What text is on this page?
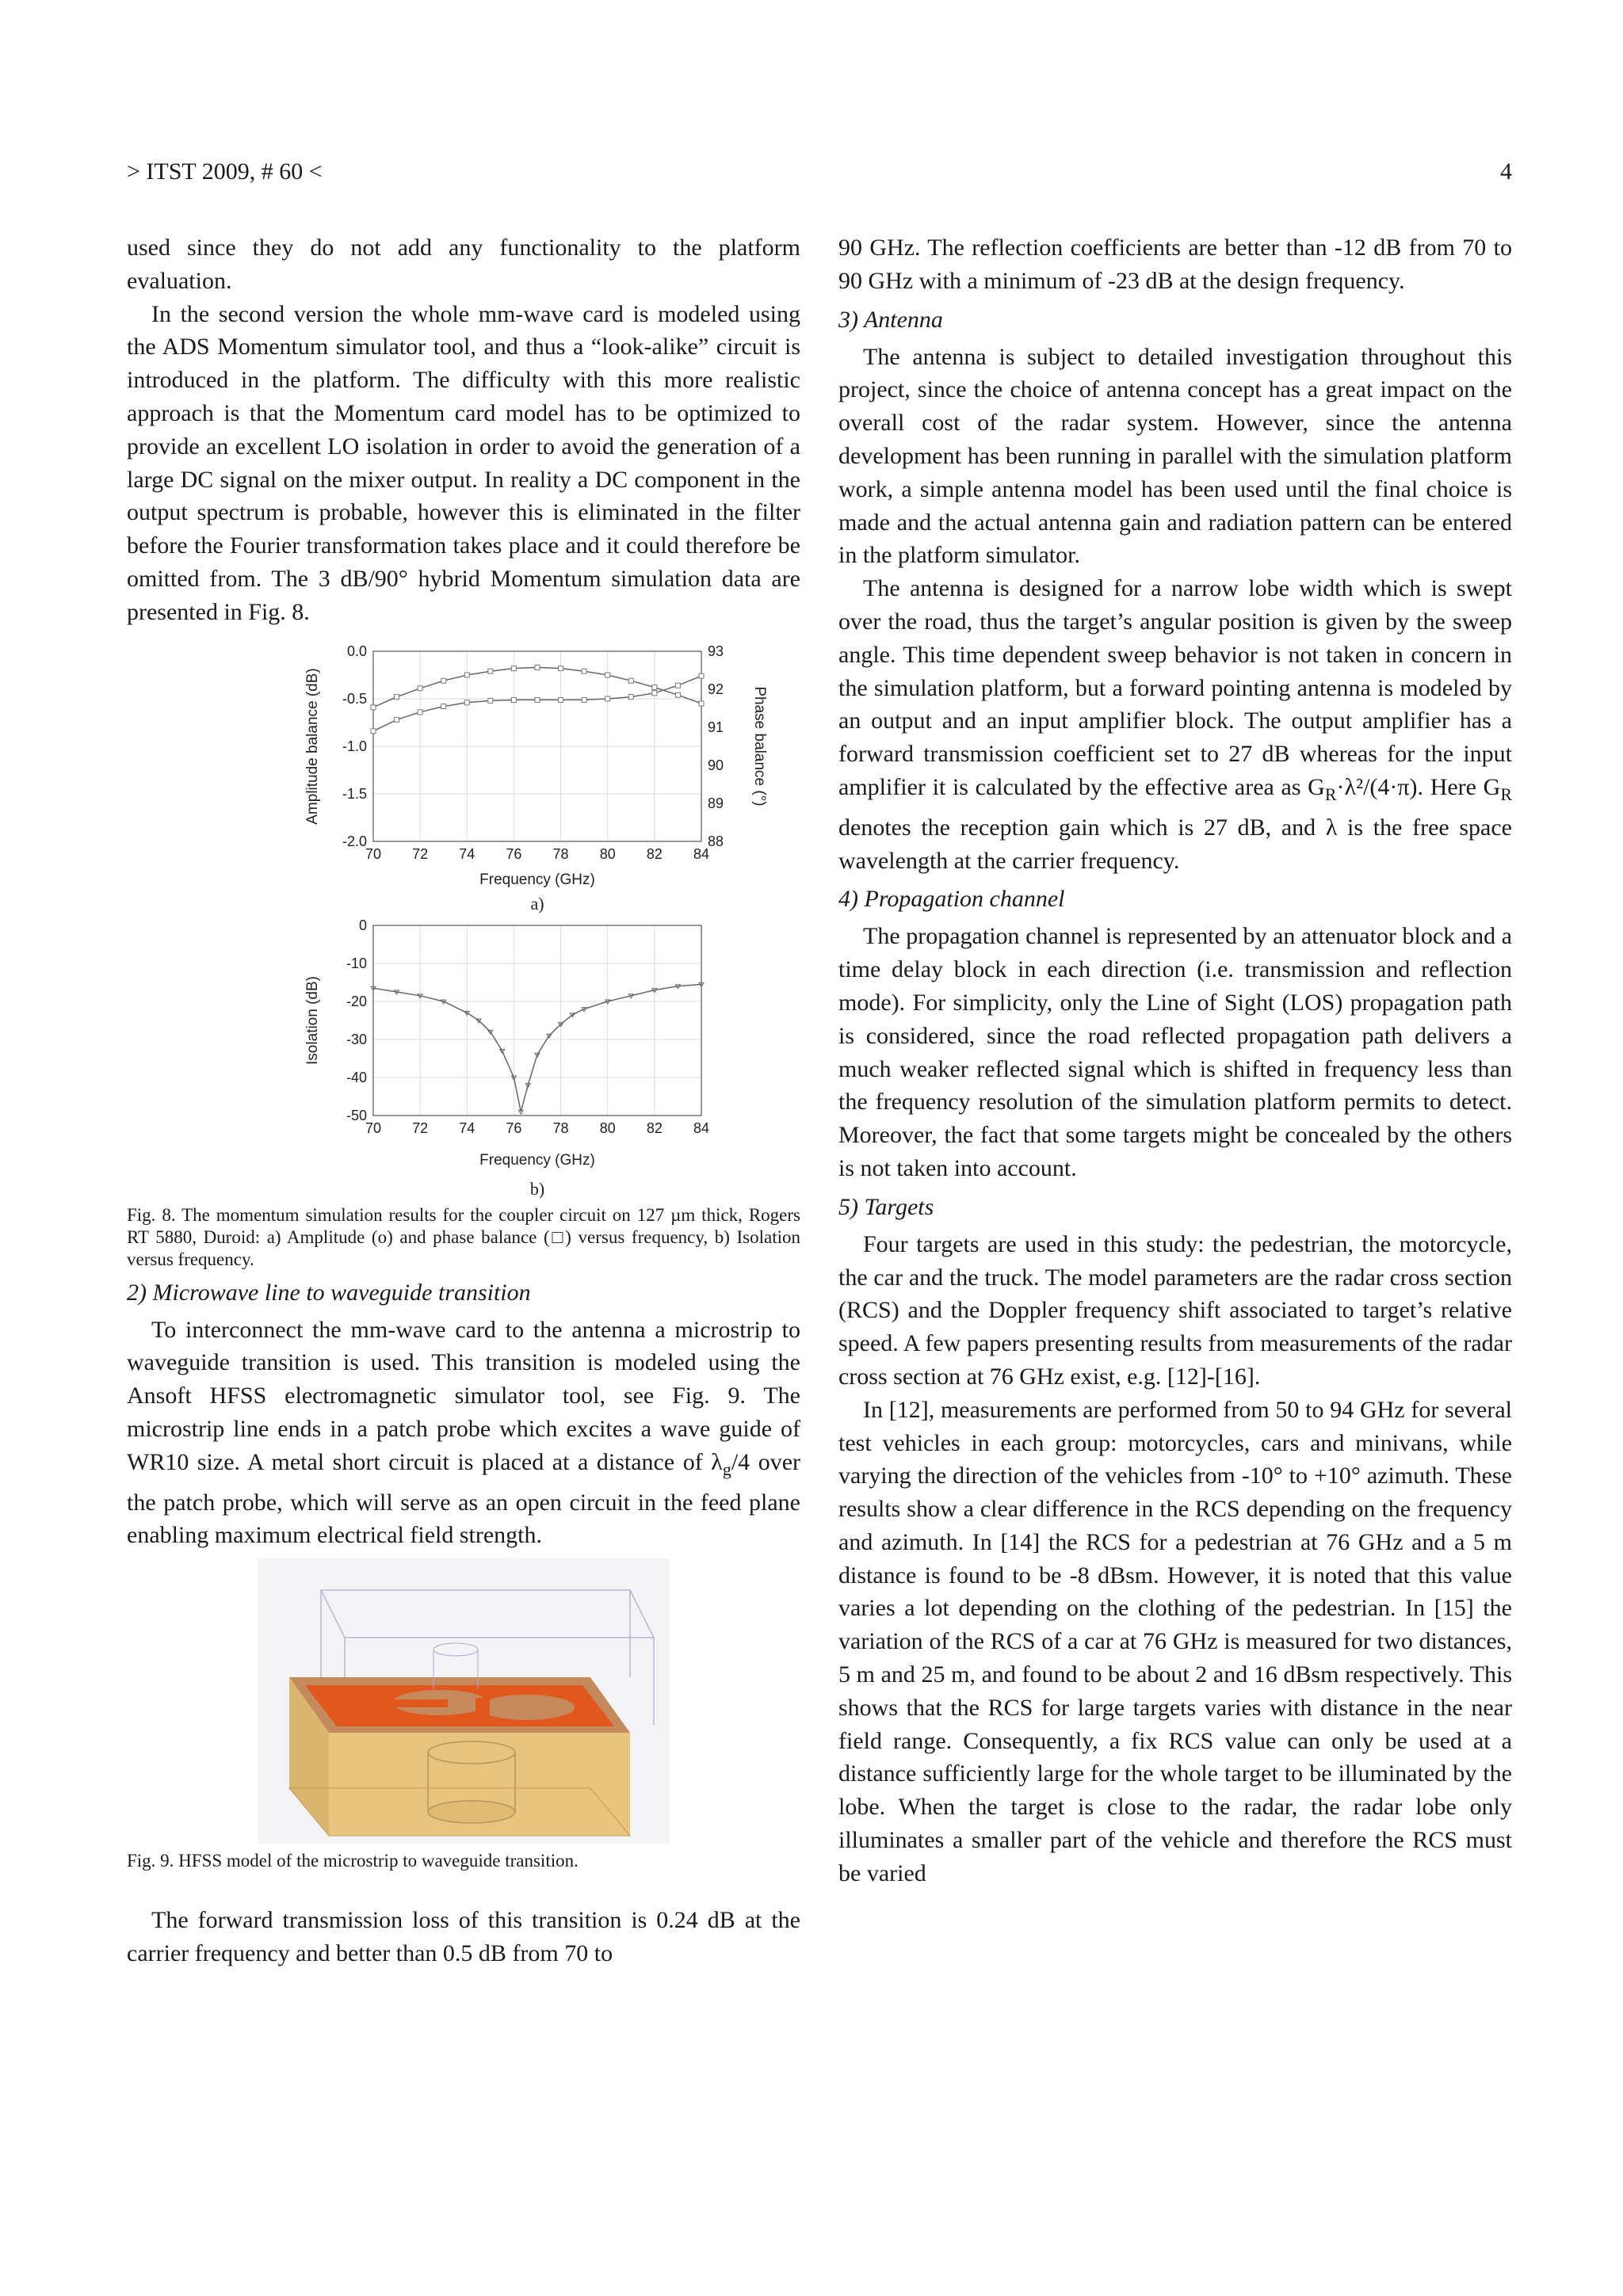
> ITST 2009, # 60 <	4

used since they do not add any functionality to the platform evaluation.

In the second version the whole mm-wave card is modeled using the ADS Momentum simulator tool, and thus a “look-alike” circuit is introduced in the platform. The difficulty with this more realistic approach is that the Momentum card model has to be optimized to provide an excellent LO isolation in order to avoid the generation of a large DC signal on the mixer output. In reality a DC component in the output spectrum is probable, however this is eliminated in the filter before the Fourier transformation takes place and it could therefore be omitted from. The 3 dB/90° hybrid Momentum simulation data are presented in Fig. 8.

70 72 74 76 78 80 82 84
0.0
-0.5
-1.0
-1.5
-2.0
93
92
91
90
89
88
Amplitude balance (dB)	Phase balance (°)
Frequency (GHz)
a)
70 72 74 76 78 80 82 84
0
-10
-20
-30
-40
-50
Isolation (dB)
Frequency (GHz)
b)

Fig. 8. The momentum simulation results for the coupler circuit on 127 µm thick, Rogers RT 5880, Duroid: a) Amplitude (o) and phase balance (□) versus frequency, b) Isolation versus frequency.

2) Microwave line to waveguide transition

To interconnect the mm-wave card to the antenna a microstrip to waveguide transition is used. This transition is modeled using the Ansoft HFSS electromagnetic simulator tool, see Fig. 9. The microstrip line ends in a patch probe which excites a wave guide of WR10 size. A metal short circuit is placed at a distance of $\lambda_g/4$ over the patch probe, which will serve as an open circuit in the feed plane enabling maximum electrical field strength.

Fig. 9. HFSS model of the microstrip to waveguide transition.

The forward transmission loss of this transition is 0.24 dB at the carrier frequency and better than 0.5 dB from 70 to

90 GHz. The reflection coefficients are better than -12 dB from 70 to 90 GHz with a minimum of -23 dB at the design frequency.

3) Antenna

The antenna is subject to detailed investigation throughout this project, since the choice of antenna concept has a great impact on the overall cost of the radar system. However, since the antenna development has been running in parallel with the simulation platform work, a simple antenna model has been used until the final choice is made and the actual antenna gain and radiation pattern can be entered in the platform simulator.

The antenna is designed for a narrow lobe width which is swept over the road, thus the target’s angular position is given by the sweep angle. This time dependent sweep behavior is not taken in concern in the simulation platform, but a forward pointing antenna is modeled by an output and an input amplifier block. The output amplifier has a forward transmission coefficient set to 27 dB whereas for the input amplifier it is calculated by the effective area as $G_R\cdot\lambda^2/(4\cdot\pi)$. Here $G_R$ denotes the reception gain which is 27 dB, and λ is the free space wavelength at the carrier frequency.

4) Propagation channel

The propagation channel is represented by an attenuator block and a time delay block in each direction (i.e. transmission and reflection mode). For simplicity, only the Line of Sight (LOS) propagation path is considered, since the road reflected propagation path delivers a much weaker reflected signal which is shifted in frequency less than the frequency resolution of the simulation platform permits to detect. Moreover, the fact that some targets might be concealed by the others is not taken into account.

5) Targets

Four targets are used in this study: the pedestrian, the motorcycle, the car and the truck. The model parameters are the radar cross section (RCS) and the Doppler frequency shift associated to target’s relative speed. A few papers presenting results from measurements of the radar cross section at 76 GHz exist, e.g. [12]-[16].

In [12], measurements are performed from 50 to 94 GHz for several test vehicles in each group: motorcycles, cars and minivans, while varying the direction of the vehicles from -10° to +10° azimuth. These results show a clear difference in the RCS depending on the frequency and azimuth. In [14] the RCS for a pedestrian at 76 GHz and a 5 m distance is found to be -8 dBsm. However, it is noted that this value varies a lot depending on the clothing of the pedestrian. In [15] the variation of the RCS of a car at 76 GHz is measured for two distances, 5 m and 25 m, and found to be about 2 and 16 dBsm respectively. This shows that the RCS for large targets varies with distance in the near field range. Consequently, a fix RCS value can only be used at a distance sufficiently large for the whole target to be illuminated by the lobe. When the target is close to the radar, the radar lobe only illuminates a smaller part of the vehicle and therefore the RCS must be varied
